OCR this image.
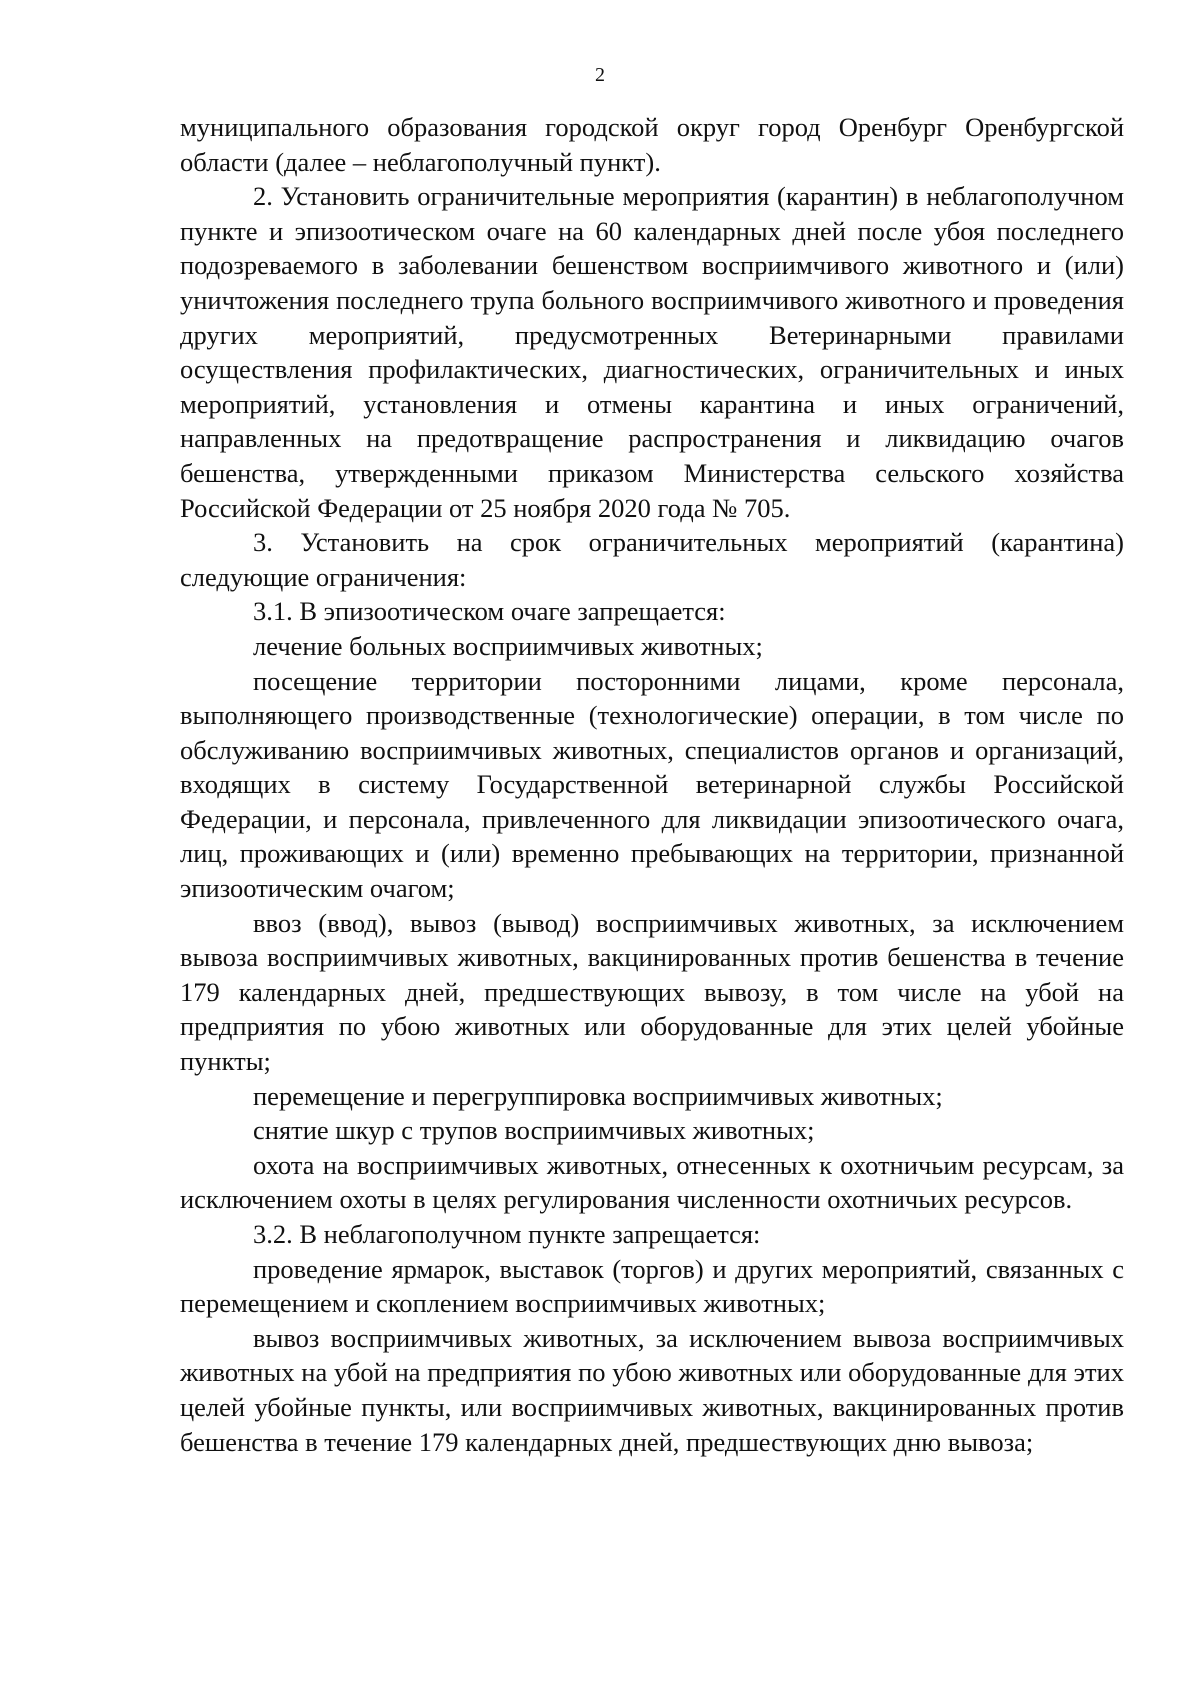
2

муниципального образования городской округ город Оренбург Оренбургской области (далее – неблагополучный пункт).

2. Установить ограничительные мероприятия (карантин) в неблагополучном пункте и эпизоотическом очаге на 60 календарных дней после убоя последнего подозреваемого в заболевании бешенством восприимчивого животного и (или) уничтожения последнего трупа больного восприимчивого животного и проведения других мероприятий, предусмотренных Ветеринарными правилами осуществления профилактических, диагностических, ограничительных и иных мероприятий, установления и отмены карантина и иных ограничений, направленных на предотвращение распространения и ликвидацию очагов бешенства, утвержденными приказом Министерства сельского хозяйства Российской Федерации от 25 ноября 2020 года № 705.

3. Установить на срок ограничительных мероприятий (карантина) следующие ограничения:

3.1. В эпизоотическом очаге запрещается:

лечение больных восприимчивых животных;

посещение территории посторонними лицами, кроме персонала, выполняющего производственные (технологические) операции, в том числе по обслуживанию восприимчивых животных, специалистов органов и организаций, входящих в систему Государственной ветеринарной службы Российской Федерации, и персонала, привлеченного для ликвидации эпизоотического очага, лиц, проживающих и (или) временно пребывающих на территории, признанной эпизоотическим очагом;

ввоз (ввод), вывоз (вывод) восприимчивых животных, за исключением вывоза восприимчивых животных, вакцинированных против бешенства в течение 179 календарных дней, предшествующих вывозу, в том числе на убой на предприятия по убою животных или оборудованные для этих целей убойные пункты;

перемещение и перегруппировка восприимчивых животных;

снятие шкур с трупов восприимчивых животных;

охота на восприимчивых животных, отнесенных к охотничьим ресурсам, за исключением охоты в целях регулирования численности охотничьих ресурсов.

3.2. В неблагополучном пункте запрещается:

проведение ярмарок, выставок (торгов) и других мероприятий, связанных с перемещением и скоплением восприимчивых животных;

вывоз восприимчивых животных, за исключением вывоза восприимчивых животных на убой на предприятия по убою животных или оборудованные для этих целей убойные пункты, или восприимчивых животных, вакцинированных против бешенства в течение 179 календарных дней, предшествующих дню вывоза;
